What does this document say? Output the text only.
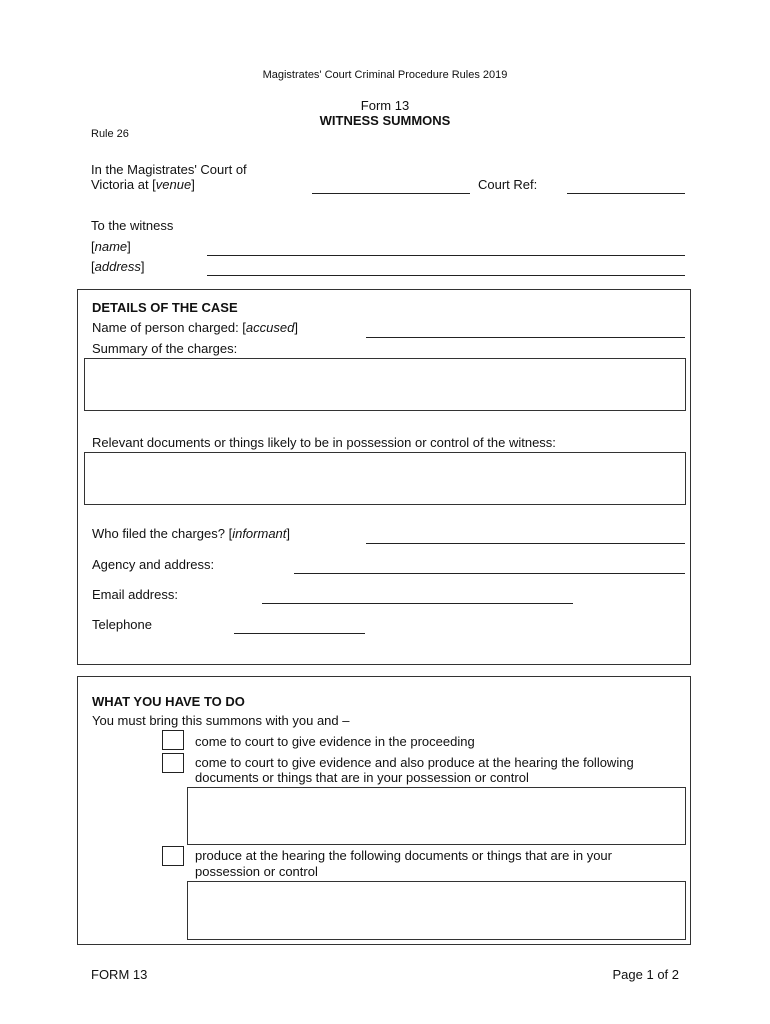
Magistrates' Court Criminal Procedure Rules 2019
Form 13
WITNESS SUMMONS
Rule 26
In the Magistrates' Court of
Victoria at [venue]	Court Ref:
To the witness
[name]
[address]
DETAILS OF THE CASE
Name of person charged: [accused]
Summary of the charges:
Relevant documents or things likely to be in possession or control of the witness:
Who filed the charges? [informant]
Agency and address:
Email address:
Telephone
WHAT YOU HAVE TO DO
You must bring this summons with you and –
come to court to give evidence in the proceeding
come to court to give evidence and also produce at the hearing the following
documents or things that are in your possession or control
produce at the hearing the following documents or things that are in your
possession or control
FORM 13	Page 1 of 2
